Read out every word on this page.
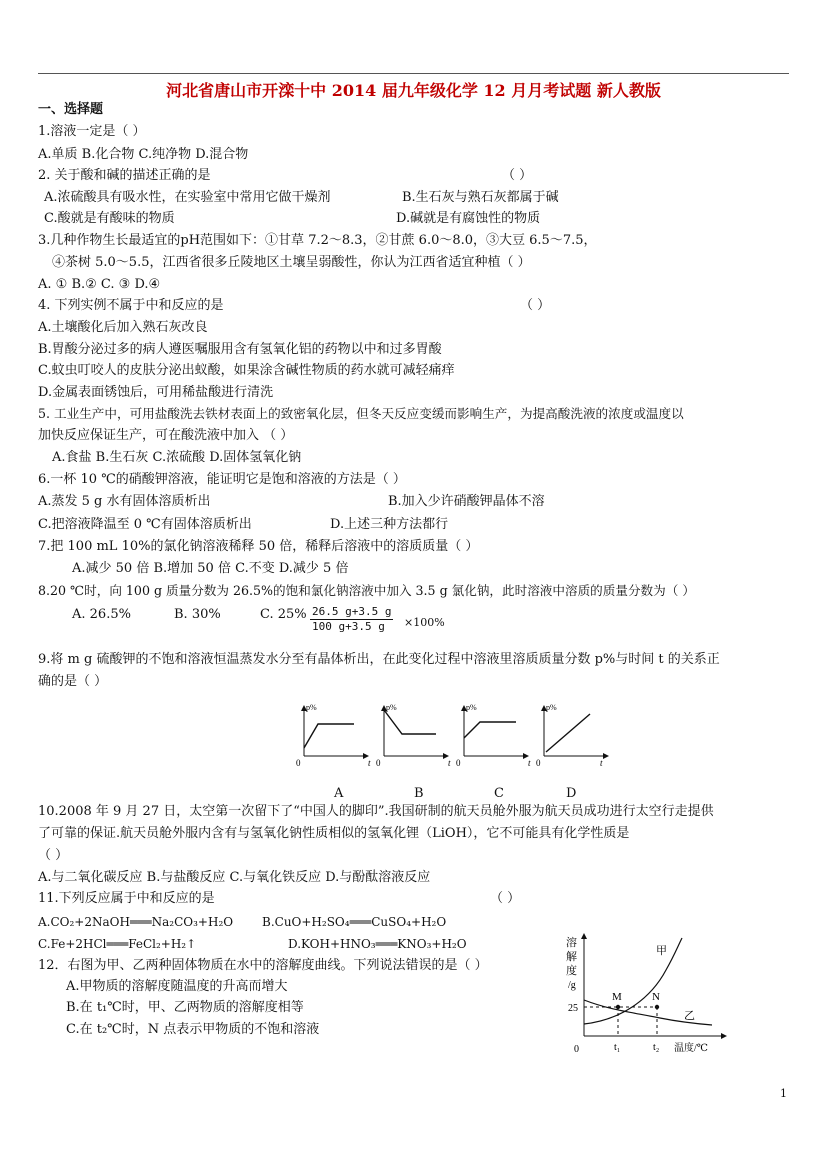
河北省唐山市开滦十中 2014 届九年级化学 12 月月考试题 新人教版
一、选择题
1.溶液一定是（ ）
A.单质 B.化合物 C.纯净物 D.混合物
2. 关于酸和碱的描述正确的是	（ ）
A.浓硫酸具有吸水性，在实验室中常用它做干燥剂	B.生石灰与熟石灰都属于碱
C.酸就是有酸味的物质	D.碱就是有腐蚀性的物质
3.几种作物生长最适宜的pH范围如下：①甘草 7.2～8.3，②甘蔗 6.0～8.0，③大豆 6.5～7.5，
④茶树 5.0～5.5，江西省很多丘陵地区土壤呈弱酸性，你认为江西省适宜种植（ ）
A. ① B.② C. ③ D.④
4. 下列实例不属于中和反应的是	（ ）
A.土壤酸化后加入熟石灰改良
B.胃酸分泌过多的病人遵医嘱服用含有氢氧化铝的药物以中和过多胃酸
C.蚊虫叮咬人的皮肤分泌出蚁酸，如果涂含碱性物质的药水就可减轻痛痒
D.金属表面锈蚀后，可用稀盐酸进行清洗
5. 工业生产中，可用盐酸洗去铁材表面上的致密氧化层，但冬天反应变缓而影响生产，为提高酸洗液的浓度或温度以
加快反应保证生产，可在酸洗液中加入 （ ）
A.食盐 B.生石灰 C.浓硫酸 D.固体氢氧化钠
6.一杯 10 ℃的硝酸钾溶液，能证明它是饱和溶液的方法是（ ）
A.蒸发 5 g 水有固体溶质析出	B.加入少许硝酸钾晶体不溶
C.把溶液降温至 0 ℃有固体溶质析出	D.上述三种方法都行
7.把 100 mL 10%的氯化钠溶液稀释 50 倍，稀释后溶液中的溶质质量（ ）
A.减少 50 倍 B.增加 50 倍 C.不变 D.减少 5 倍
8.20 ℃时，向 100 g 质量分数为 26.5%的饱和氯化钠溶液中加入 3.5 g 氯化钠，此时溶液中溶质的质量分数为（ ）
A. 26.5%	B. 30%	C. $25\% \frac{26.5 g+3.5 g}{100 g+3.5 g} \times 100\%$
9.将 m g 硫酸钾的不饱和溶液恒温蒸发水分至有晶体析出，在此变化过程中溶液里溶质质量分数 p%与时间 t 的关系正
确的是（ ）
p%
0	t
p%
0	t
p%
0	t
p%
0	t
A	B	C	D
10.2008 年 9 月 27 日，太空第一次留下了“中国人的脚印”.我国研制的航天员舱外服为航天员成功进行太空行走提供
了可靠的保证.航天员舱外服内含有与氢氧化钠性质相似的氢氧化锂（LiOH），它不可能具有化学性质是
（ ）
A.与二氧化碳反应 B.与盐酸反应 C.与氧化铁反应 D.与酚酞溶液反应
11.下列反应属于中和反应的是	（ ）
A.CO₂+2NaOH═══Na₂CO₃+H₂O B.CuO+H₂SO₄═══CuSO₄+H₂O
C.Fe+2HCl═══FeCl₂+H₂↑	D.KOH+HNO₃═══KNO₃+H₂O
12．右图为甲、乙两种固体物质在水中的溶解度曲线。下列说法错误的是（ ）
A.甲物质的溶解度随温度的升高而增大
B.在 t₁℃时，甲、乙两物质的溶解度相等
C.在 t₂℃时，N 点表示甲物质的不饱和溶液
溶
解
度
/g
25
0	t₁	t₂ 温度/℃
甲
乙
M	N
1
